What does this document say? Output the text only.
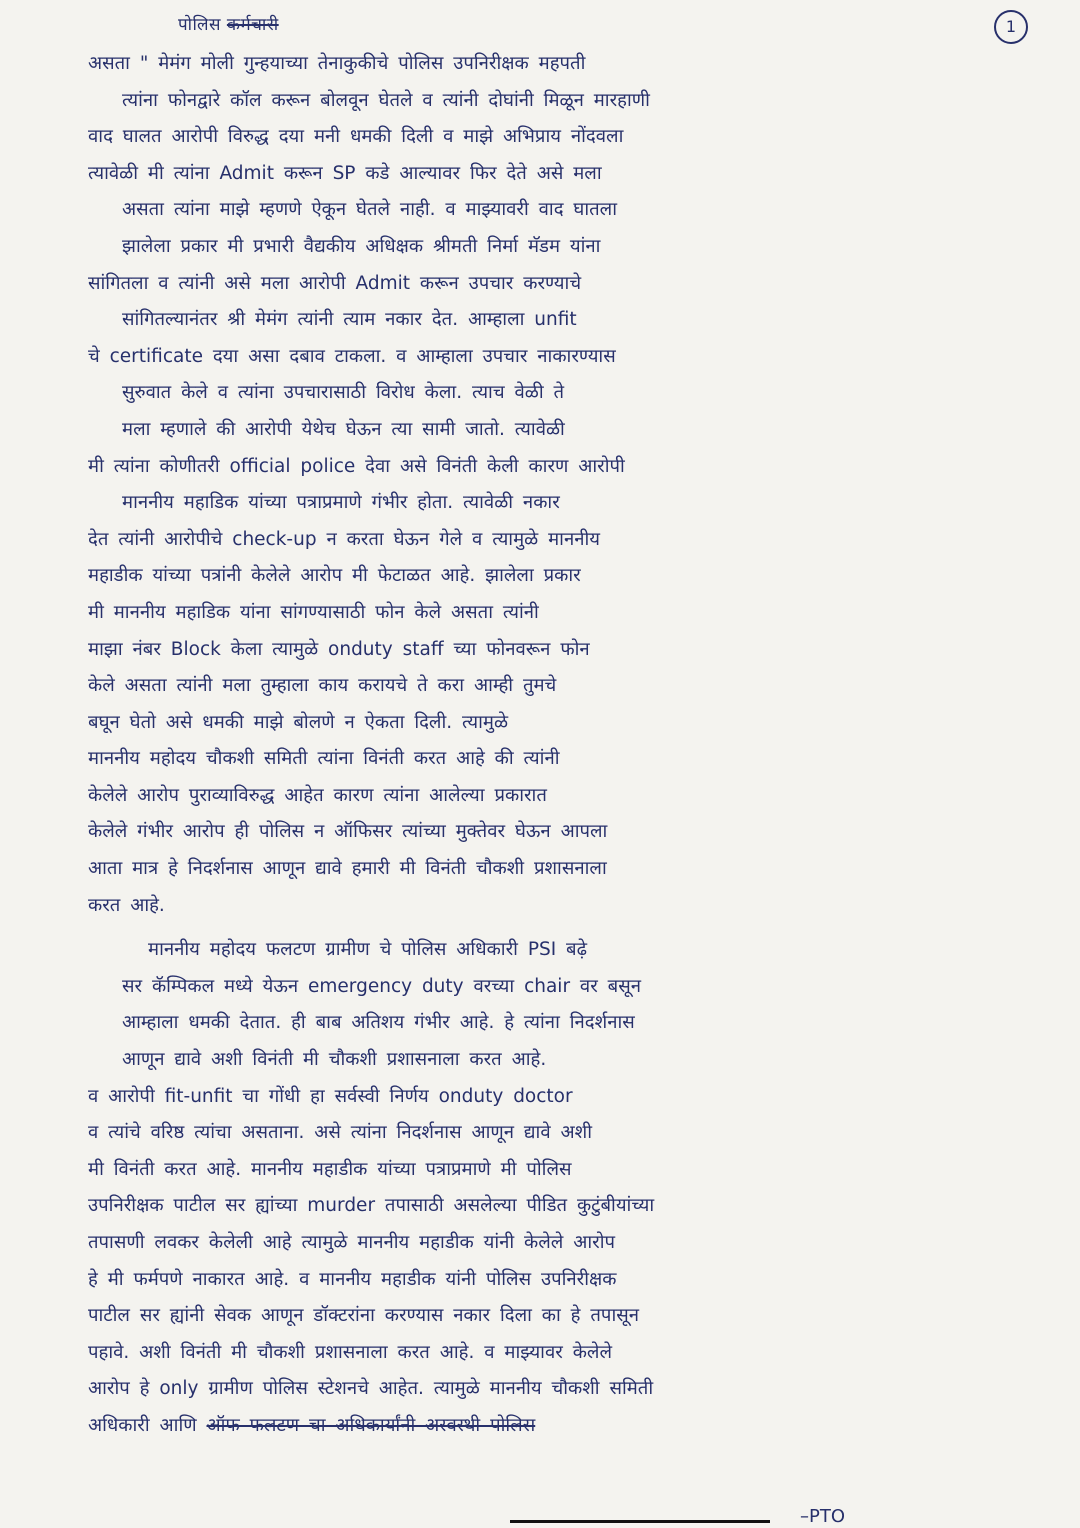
पोलिस कर्मचारी	1
असता " मेमंग मोली गुन्हयाच्या तेनाकुकीचे पोलिस उपनिरीक्षक महपती
त्यांना फोनद्वारे कॉल करून बोलवून घेतले व त्यांनी दोघांनी मिळून मारहाणी
वाद घालत आरोपी विरुद्ध दया मनी धमकी दिली व माझे अभिप्राय नोंदवला
त्यावेळी मी त्यांना Admit करून SP कडे आल्यावर फिर देते असे मला
असता त्यांना माझे म्हणणे ऐकून घेतले नाही. व माझ्यावरी वाद घातला
झालेला प्रकार मी प्रभारी वैद्यकीय अधिक्षक श्रीमती निर्मा मॅडम यांना
सांगितला व त्यांनी असे मला आरोपी Admit करून उपचार करण्याचे
सांगितल्यानंतर श्री मेमंग त्यांनी त्याम नकार देत. आम्हाला unfit
चे certificate दया असा दबाव टाकला. व आम्हाला उपचार नाकारण्यास
सुरुवात केले व त्यांना उपचारासाठी विरोध केला. त्याच वेळी ते
मला म्हणाले की आरोपी येथेच घेऊन त्या सामी जातो. त्यावेळी
मी त्यांना कोणीतरी official police देवा असे विनंती केली कारण आरोपी
माननीय महाडिक यांच्या पत्राप्रमाणे गंभीर होता. त्यावेळी नकार
देत त्यांनी आरोपीचे check-up न करता घेऊन गेले व त्यामुळे माननीय
महाडीक यांच्या पत्रांनी केलेले आरोप मी फेटाळत आहे. झालेला प्रकार
मी माननीय महाडिक यांना सांगण्यासाठी फोन केले असता त्यांनी
माझा नंबर Block केला त्यामुळे onduty staff च्या फोनवरून फोन
केले असता त्यांनी मला तुम्हाला काय करायचे ते करा आम्ही तुमचे
बघून घेतो असे धमकी माझे बोलणे न ऐकता दिली. त्यामुळे
माननीय महोदय चौकशी समिती त्यांना विनंती करत आहे की त्यांनी
केलेले आरोप पुराव्याविरुद्ध आहेत कारण त्यांना आलेल्या प्रकारात
केलेले गंभीर आरोप ही पोलिस न ऑफिसर त्यांच्या मुक्तेवर घेऊन आपला
आता मात्र हे निदर्शनास आणून द्यावे हमारी मी विनंती चौकशी प्रशासनाला
करत आहे.
माननीय महोदय फलटण ग्रामीण चे पोलिस अधिकारी PSI बढ़े
सर कॅम्पिकल मध्ये येऊन emergency duty वरच्या chair वर बसून
आम्हाला धमकी देतात. ही बाब अतिशय गंभीर आहे. हे त्यांना निदर्शनास
आणून द्यावे अशी विनंती मी चौकशी प्रशासनाला करत आहे.
व आरोपी fit-unfit चा गोंधी हा सर्वस्वी निर्णय onduty doctor
व त्यांचे वरिष्ठ त्यांचा असताना. असे त्यांना निदर्शनास आणून द्यावे अशी
मी विनंती करत आहे. माननीय महाडीक यांच्या पत्राप्रमाणे मी पोलिस
उपनिरीक्षक पाटील सर ह्यांच्या murder तपासाठी असलेल्या पीडित कुटुंबीयांच्या
तपासणी लवकर केलेली आहे त्यामुळे माननीय महाडीक यांनी केलेले आरोप
हे मी फर्मपणे नाकारत आहे. व माननीय महाडीक यांनी पोलिस उपनिरीक्षक
पाटील सर ह्यांनी सेवक आणून डॉक्टरांना करण्यास नकार दिला का हे तपासून
पहावे. अशी विनंती मी चौकशी प्रशासनाला करत आहे. व माझ्यावर केलेले
आरोप हे only ग्रामीण पोलिस स्टेशनचे आहेत. त्यामुळे माननीय चौकशी समिती
अधिकारी आणि ऑफ फलटण चा अधिकार्यांनी अस्वस्थी पोलिस
–PTO
